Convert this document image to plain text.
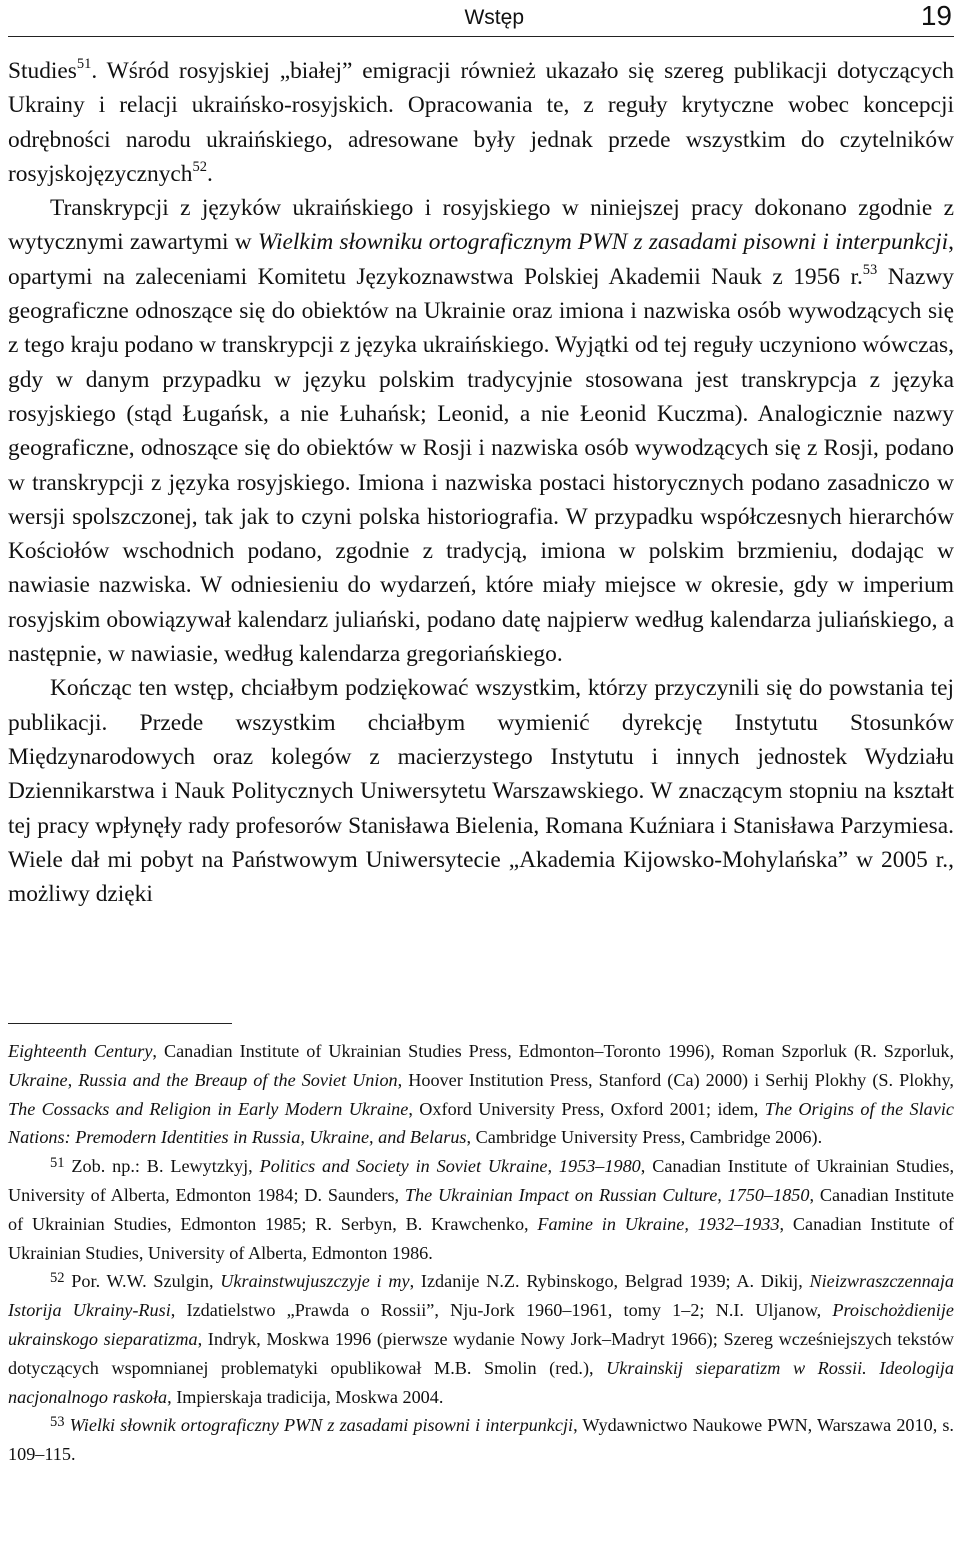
Wstęp	19

Studies$^{51}$. Wśród rosyjskiej „białej” emigracji również ukazało się szereg publikacji dotyczących Ukrainy i relacji ukraińsko-rosyjskich. Opracowania te, z reguły krytyczne wobec koncepcji odrębności narodu ukraińskiego, adresowane były jednak przede wszystkim do czytelników rosyjskojęzycznych$^{52}$.

Transkrypcji z języków ukraińskiego i rosyjskiego w niniejszej pracy dokonano zgodnie z wytycznymi zawartymi w Wielkim słowniku ortograficznym PWN z zasadami pisowni i interpunkcji, opartymi na zaleceniami Komitetu Językoznawstwa Polskiej Akademii Nauk z 1956 r.$^{53}$ Nazwy geograficzne odnoszące się do obiektów na Ukrainie oraz imiona i nazwiska osób wywodzących się z tego kraju podano w transkrypcji z języka ukraińskiego. Wyjątki od tej reguły uczyniono wówczas, gdy w danym przypadku w języku polskim tradycyjnie stosowana jest transkrypcja z języka rosyjskiego (stąd Ługańsk, a nie Łuhańsk; Leonid, a nie Łeonid Kuczma). Analogicznie nazwy geograficzne, odnoszące się do obiektów w Rosji i nazwiska osób wywodzących się z Rosji, podano w transkrypcji z języka rosyjskiego. Imiona i nazwiska postaci historycznych podano zasadniczo w wersji spolszczonej, tak jak to czyni polska historiografia. W przypadku współczesnych hierarchów Kościołów wschodnich podano, zgodnie z tradycją, imiona w polskim brzmieniu, dodając w nawiasie nazwiska. W odniesieniu do wydarzeń, które miały miejsce w okresie, gdy w imperium rosyjskim obowiązywał kalendarz juliański, podano datę najpierw według kalendarza juliańskiego, a następnie, w nawiasie, według kalendarza gregoriańskiego.

Kończąc ten wstęp, chciałbym podziękować wszystkim, którzy przyczynili się do powstania tej publikacji. Przede wszystkim chciałbym wymienić dyrekcję Instytutu Stosunków Międzynarodowych oraz kolegów z macierzystego Instytutu i innych jednostek Wydziału Dziennikarstwa i Nauk Politycznych Uniwersytetu Warszawskiego. W znaczącym stopniu na kształt tej pracy wpłynęły rady profesorów Stanisława Bielenia, Romana Kuźniara i Stanisława Parzymiesa. Wiele dał mi pobyt na Państwowym Uniwersytecie „Akademia Kijowsko-Mohylańska” w 2005 r., możliwy dzięki

Eighteenth Century, Canadian Institute of Ukrainian Studies Press, Edmonton–Toronto 1996), Roman Szporluk (R. Szporluk, Ukraine, Russia and the Breaup of the Soviet Union, Hoover Institution Press, Stanford (Ca) 2000) i Serhij Plokhy (S. Plokhy, The Cossacks and Religion in Early Modern Ukraine, Oxford University Press, Oxford 2001; idem, The Origins of the Slavic Nations: Premodern Identities in Russia, Ukraine, and Belarus, Cambridge University Press, Cambridge 2006).

$^{51}$ Zob. np.: B. Lewytzkyj, Politics and Society in Soviet Ukraine, 1953–1980, Canadian Institute of Ukrainian Studies, University of Alberta, Edmonton 1984; D. Saunders, The Ukrainian Impact on Russian Culture, 1750–1850, Canadian Institute of Ukrainian Studies, Edmonton 1985; R. Serbyn, B. Krawchenko, Famine in Ukraine, 1932–1933, Canadian Institute of Ukrainian Studies, University of Alberta, Edmonton 1986.

$^{52}$ Por. W.W. Szulgin, Ukrainstwujuszczyje i my, Izdanije N.Z. Rybinskogo, Belgrad 1939; A. Dikij, Nieizwraszczennaja Istorija Ukrainy-Rusi, Izdatielstwo „Prawda o Rossii”, Nju-Jork 1960–1961, tomy 1–2; N.I. Uljanow, Proischożdienije ukrainskogo sieparatizma, Indryk, Moskwa 1996 (pierwsze wydanie Nowy Jork–Madryt 1966); Szereg wcześniejszych tekstów dotyczących wspomnianej problematyki opublikował M.B. Smolin (red.), Ukrainskij sieparatizm w Rossii. Ideologija nacjonalnogo raskoła, Impierskaja tradicija, Moskwa 2004.

$^{53}$ Wielki słownik ortograficzny PWN z zasadami pisowni i interpunkcji, Wydawnictwo Naukowe PWN, Warszawa 2010, s. 109–115.
